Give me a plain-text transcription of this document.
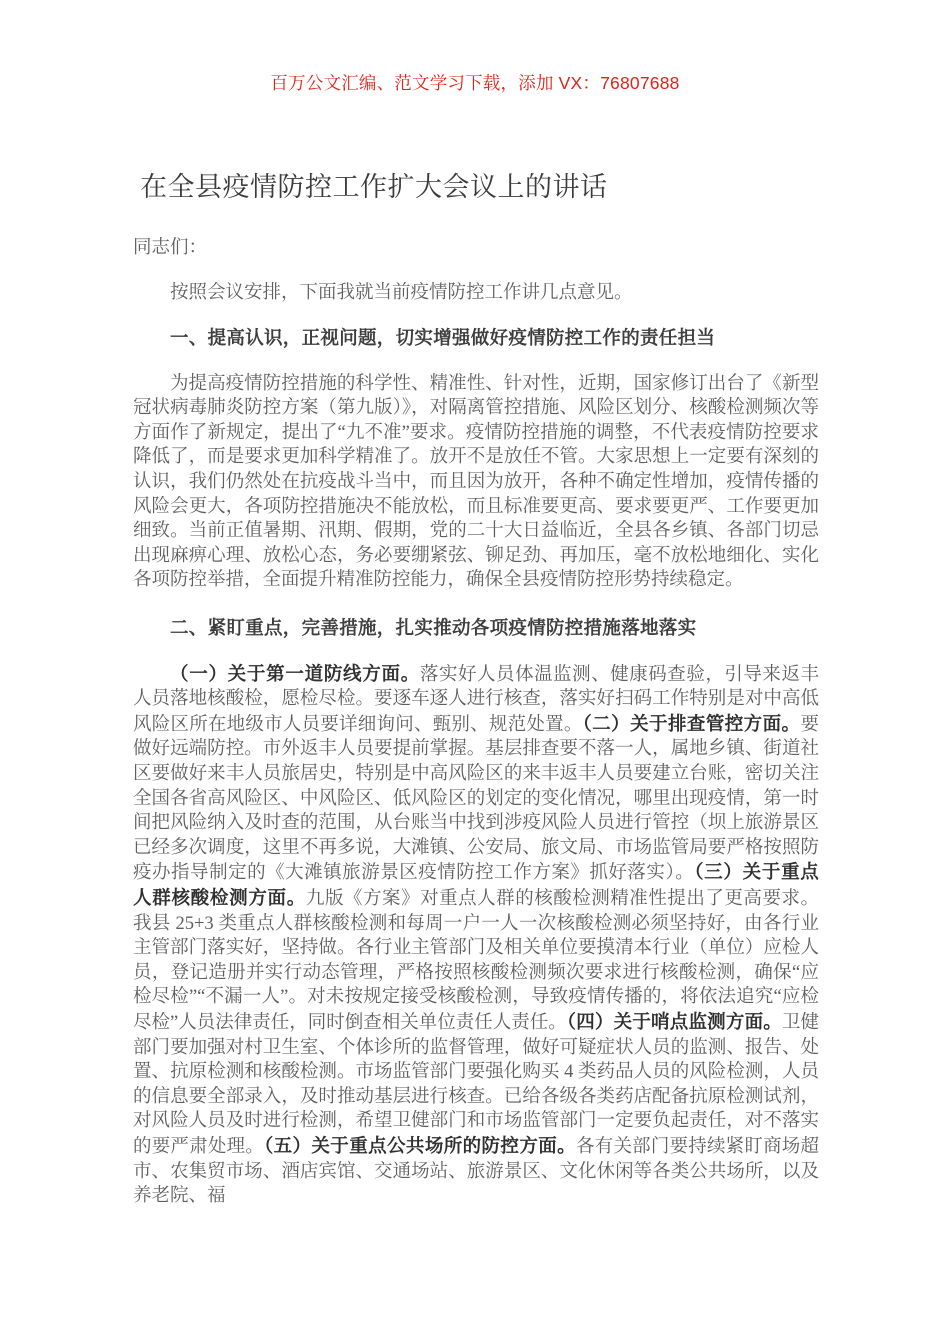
百万公文汇编、范文学习下载，添加 VX：76807688
在全县疫情防控工作扩大会议上的讲话

同志们：

按照会议安排，下面我就当前疫情防控工作讲几点意见。

一、提高认识，正视问题，切实增强做好疫情防控工作的责任担当

为提高疫情防控措施的科学性、精准性、针对性，近期，国家修订出台了《新型冠状病毒肺炎防控方案（第九版）》，对隔离管控措施、风险区划分、核酸检测频次等方面作了新规定，提出了“九不准”要求。疫情防控措施的调整，不代表疫情防控要求降低了，而是要求更加科学精准了。放开不是放任不管。大家思想上一定要有深刻的认识，我们仍然处在抗疫战斗当中，而且因为放开，各种不确定性增加，疫情传播的风险会更大，各项防控措施决不能放松，而且标准要更高、要求要更严、工作要更加细致。当前正值暑期、汛期、假期，党的二十大日益临近，全县各乡镇、各部门切忌出现麻痹心理、放松心态，务必要绷紧弦、铆足劲、再加压，毫不放松地细化、实化各项防控举措，全面提升精准防控能力，确保全县疫情防控形势持续稳定。

二、紧盯重点，完善措施，扎实推动各项疫情防控措施落地落实

（一）关于第一道防线方面。落实好人员体温监测、健康码查验，引导来返丰人员落地核酸检，愿检尽检。要逐车逐人进行核查，落实好扫码工作特别是对中高低风险区所在地级市人员要详细询问、甄别、规范处置。（二）关于排查管控方面。要做好远端防控。市外返丰人员要提前掌握。基层排查要不落一人，属地乡镇、街道社区要做好来丰人员旅居史，特别是中高风险区的来丰返丰人员要建立台账，密切关注全国各省高风险区、中风险区、低风险区的划定的变化情况，哪里出现疫情，第一时间把风险纳入及时查的范围，从台账当中找到涉疫风险人员进行管控（坝上旅游景区已经多次调度，这里不再多说，大滩镇、公安局、旅文局、市场监管局要严格按照防疫办指导制定的《大滩镇旅游景区疫情防控工作方案》抓好落实）。（三）关于重点人群核酸检测方面。九版《方案》对重点人群的核酸检测精准性提出了更高要求。我县 25+3 类重点人群核酸检测和每周一户一人一次核酸检测必须坚持好，由各行业主管部门落实好，坚持做。各行业主管部门及相关单位要摸清本行业（单位）应检人员，登记造册并实行动态管理，严格按照核酸检测频次要求进行核酸检测，确保“应检尽检”“不漏一人”。对未按规定接受核酸检测，导致疫情传播的，将依法追究“应检尽检”人员法律责任，同时倒查相关单位责任人责任。（四）关于哨点监测方面。卫健部门要加强对村卫生室、个体诊所的监督管理，做好可疑症状人员的监测、报告、处置、抗原检测和核酸检测。市场监管部门要强化购买 4 类药品人员的风险检测，人员的信息要全部录入，及时推动基层进行核查。已给各级各类药店配备抗原检测试剂，对风险人员及时进行检测，希望卫健部门和市场监管部门一定要负起责任，对不落实的要严肃处理。（五）关于重点公共场所的防控方面。各有关部门要持续紧盯商场超市、农集贸市场、酒店宾馆、交通场站、旅游景区、文化休闲等各类公共场所，以及养老院、福
